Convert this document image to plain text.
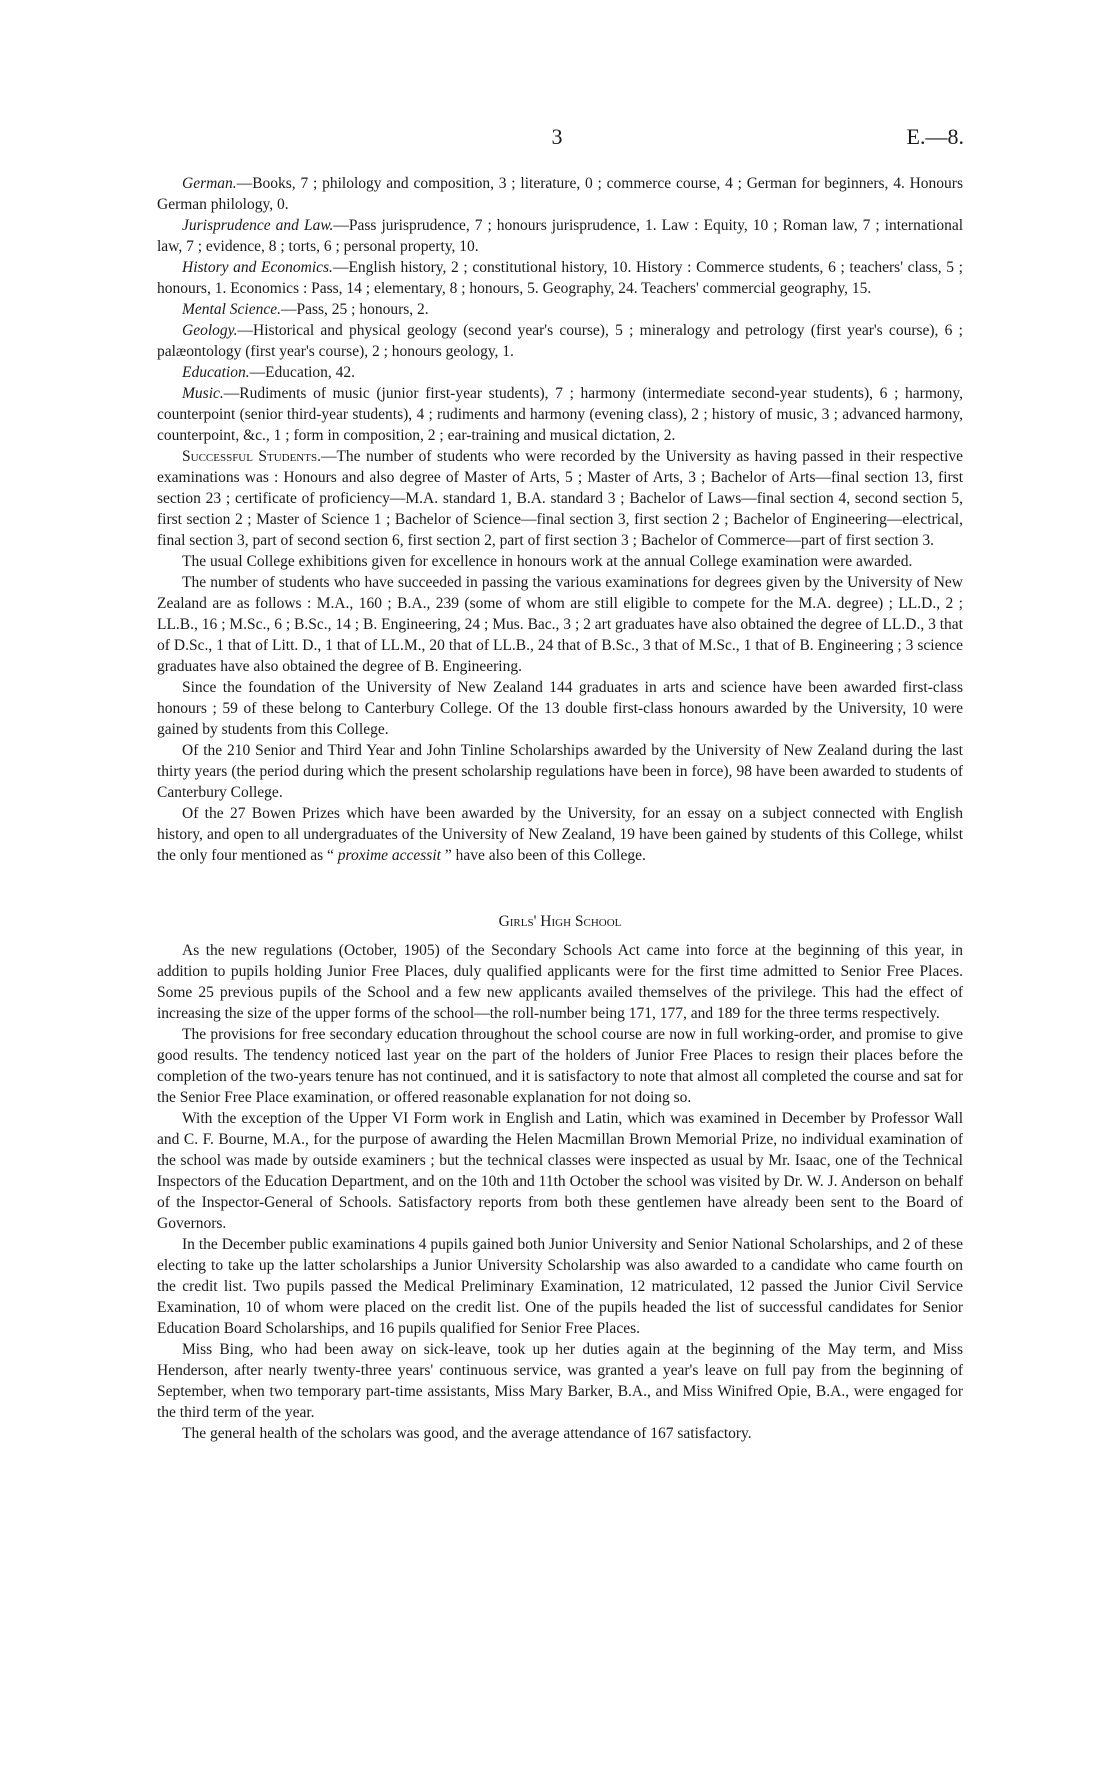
3	E.—8.

German.—Books, 7 ; philology and composition, 3 ; literature, 0 ; commerce course, 4 ; German for beginners, 4. Honours German philology, 0.

Jurisprudence and Law.—Pass jurisprudence, 7 ; honours jurisprudence, 1. Law : Equity, 10 ; Roman law, 7 ; international law, 7 ; evidence, 8 ; torts, 6 ; personal property, 10.

History and Economics.—English history, 2 ; constitutional history, 10. History : Commerce students, 6 ; teachers' class, 5 ; honours, 1. Economics : Pass, 14 ; elementary, 8 ; honours, 5. Geography, 24. Teachers' commercial geography, 15.

Mental Science.—Pass, 25 ; honours, 2.

Geology.—Historical and physical geology (second year's course), 5 ; mineralogy and petrology (first year's course), 6 ; palæontology (first year's course), 2 ; honours geology, 1.

Education.—Education, 42.

Music.—Rudiments of music (junior first-year students), 7 ; harmony (intermediate second-year students), 6 ; harmony, counterpoint (senior third-year students), 4 ; rudiments and harmony (evening class), 2 ; history of music, 3 ; advanced harmony, counterpoint, &c., 1 ; form in composition, 2 ; ear-training and musical dictation, 2.

Successful Students.—The number of students who were recorded by the University as having passed in their respective examinations was : Honours and also degree of Master of Arts, 5 ; Master of Arts, 3 ; Bachelor of Arts—final section 13, first section 23 ; certificate of proficiency—M.A. standard 1, B.A. standard 3 ; Bachelor of Laws—final section 4, second section 5, first section 2 ; Master of Science 1 ; Bachelor of Science—final section 3, first section 2 ; Bachelor of Engineering—electrical, final section 3, part of second section 6, first section 2, part of first section 3 ; Bachelor of Commerce—part of first section 3.

The usual College exhibitions given for excellence in honours work at the annual College examination were awarded.

The number of students who have succeeded in passing the various examinations for degrees given by the University of New Zealand are as follows : M.A., 160 ; B.A., 239 (some of whom are still eligible to compete for the M.A. degree) ; LL.D., 2 ; LL.B., 16 ; M.Sc., 6 ; B.Sc., 14 ; B. Engineering, 24 ; Mus. Bac., 3 ; 2 art graduates have also obtained the degree of LL.D., 3 that of D.Sc., 1 that of Litt. D., 1 that of LL.M., 20 that of LL.B., 24 that of B.Sc., 3 that of M.Sc., 1 that of B. Engineering ; 3 science graduates have also obtained the degree of B. Engineering.

Since the foundation of the University of New Zealand 144 graduates in arts and science have been awarded first-class honours ; 59 of these belong to Canterbury College. Of the 13 double first-class honours awarded by the University, 10 were gained by students from this College.

Of the 210 Senior and Third Year and John Tinline Scholarships awarded by the University of New Zealand during the last thirty years (the period during which the present scholarship regulations have been in force), 98 have been awarded to students of Canterbury College.

Of the 27 Bowen Prizes which have been awarded by the University, for an essay on a subject connected with English history, and open to all undergraduates of the University of New Zealand, 19 have been gained by students of this College, whilst the only four mentioned as “ proxime accessit ” have also been of this College.

Girls' High School

As the new regulations (October, 1905) of the Secondary Schools Act came into force at the beginning of this year, in addition to pupils holding Junior Free Places, duly qualified applicants were for the first time admitted to Senior Free Places. Some 25 previous pupils of the School and a few new applicants availed themselves of the privilege. This had the effect of increasing the size of the upper forms of the school—the roll-number being 171, 177, and 189 for the three terms respectively.

The provisions for free secondary education throughout the school course are now in full working-order, and promise to give good results. The tendency noticed last year on the part of the holders of Junior Free Places to resign their places before the completion of the two-years tenure has not continued, and it is satisfactory to note that almost all completed the course and sat for the Senior Free Place examination, or offered reasonable explanation for not doing so.

With the exception of the Upper VI Form work in English and Latin, which was examined in December by Professor Wall and C. F. Bourne, M.A., for the purpose of awarding the Helen Macmillan Brown Memorial Prize, no individual examination of the school was made by outside examiners ; but the technical classes were inspected as usual by Mr. Isaac, one of the Technical Inspectors of the Education Department, and on the 10th and 11th October the school was visited by Dr. W. J. Anderson on behalf of the Inspector-General of Schools. Satisfactory reports from both these gentlemen have already been sent to the Board of Governors.

In the December public examinations 4 pupils gained both Junior University and Senior National Scholarships, and 2 of these electing to take up the latter scholarships a Junior University Scholarship was also awarded to a candidate who came fourth on the credit list. Two pupils passed the Medical Preliminary Examination, 12 matriculated, 12 passed the Junior Civil Service Examination, 10 of whom were placed on the credit list. One of the pupils headed the list of successful candidates for Senior Education Board Scholarships, and 16 pupils qualified for Senior Free Places.

Miss Bing, who had been away on sick-leave, took up her duties again at the beginning of the May term, and Miss Henderson, after nearly twenty-three years' continuous service, was granted a year's leave on full pay from the beginning of September, when two temporary part-time assistants, Miss Mary Barker, B.A., and Miss Winifred Opie, B.A., were engaged for the third term of the year.

The general health of the scholars was good, and the average attendance of 167 satisfactory.
